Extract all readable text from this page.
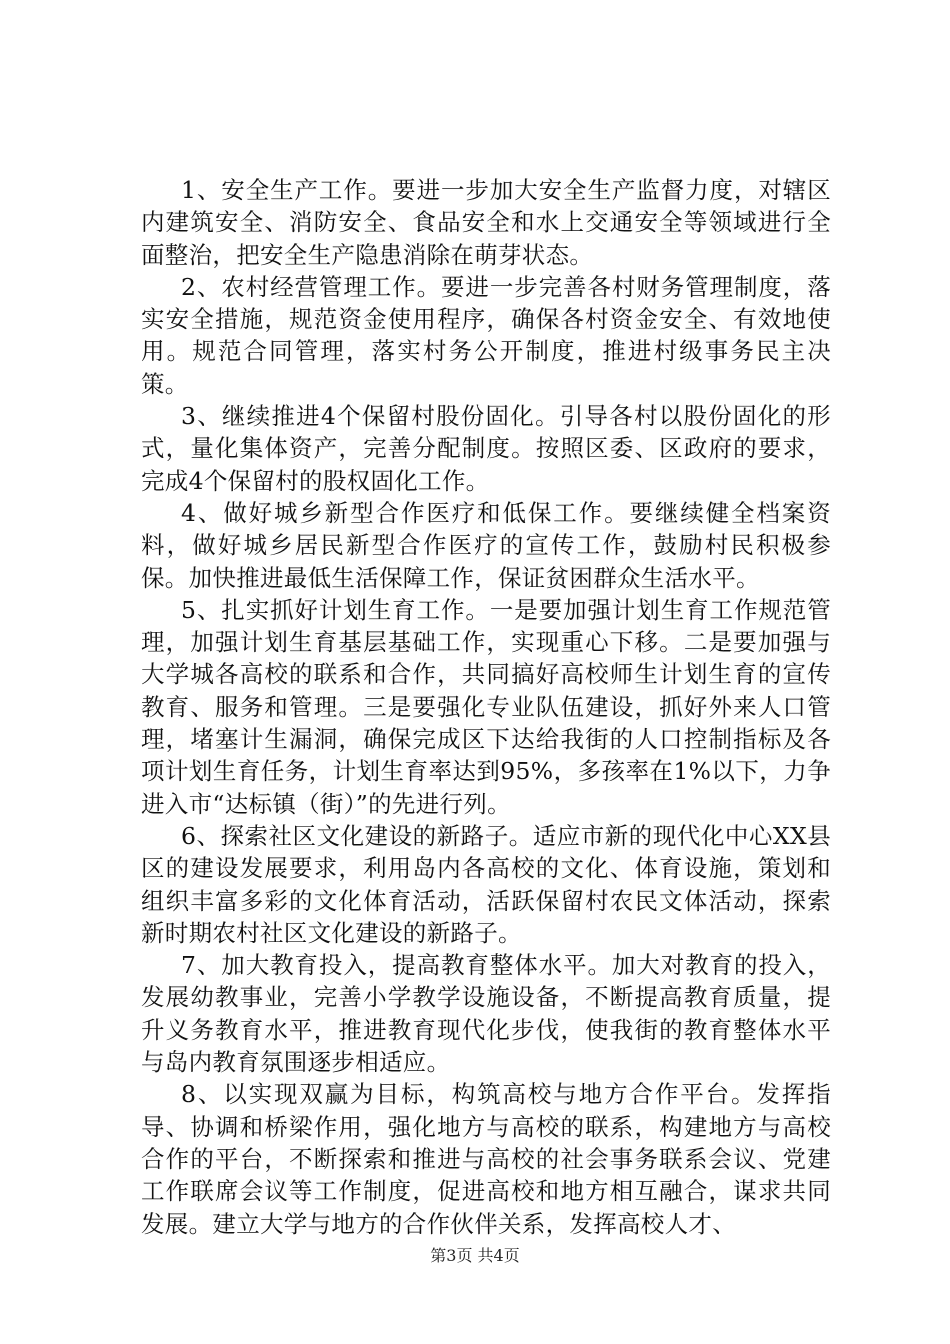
1、安全生产工作。要进一步加大安全生产监督力度，对辖区内建筑安全、消防安全、食品安全和水上交通安全等领域进行全面整治，把安全生产隐患消除在萌芽状态。

2、农村经营管理工作。要进一步完善各村财务管理制度，落实安全措施，规范资金使用程序，确保各村资金安全、有效地使用。规范合同管理，落实村务公开制度，推进村级事务民主决策。

3、继续推进4个保留村股份固化。引导各村以股份固化的形式，量化集体资产，完善分配制度。按照区委、区政府的要求，完成4个保留村的股权固化工作。

4、做好城乡新型合作医疗和低保工作。要继续健全档案资料，做好城乡居民新型合作医疗的宣传工作，鼓励村民积极参保。加快推进最低生活保障工作，保证贫困群众生活水平。

5、扎实抓好计划生育工作。一是要加强计划生育工作规范管理，加强计划生育基层基础工作，实现重心下移。二是要加强与大学城各高校的联系和合作，共同搞好高校师生计划生育的宣传教育、服务和管理。三是要强化专业队伍建设，抓好外来人口管理，堵塞计生漏洞，确保完成区下达给我街的人口控制指标及各项计划生育任务，计划生育率达到95%，多孩率在1%以下，力争进入市“达标镇（街）”的先进行列。

6、探索社区文化建设的新路子。适应市新的现代化中心XX县区的建设发展要求，利用岛内各高校的文化、体育设施，策划和组织丰富多彩的文化体育活动，活跃保留村农民文体活动，探索新时期农村社区文化建设的新路子。

7、加大教育投入，提高教育整体水平。加大对教育的投入，发展幼教事业，完善小学教学设施设备，不断提高教育质量，提升义务教育水平，推进教育现代化步伐，使我街的教育整体水平与岛内教育氛围逐步相适应。

8、以实现双赢为目标，构筑高校与地方合作平台。发挥指导、协调和桥梁作用，强化地方与高校的联系，构建地方与高校合作的平台，不断探索和推进与高校的社会事务联系会议、党建工作联席会议等工作制度，促进高校和地方相互融合，谋求共同发展。建立大学与地方的合作伙伴关系，发挥高校人才、

第3页 共4页
